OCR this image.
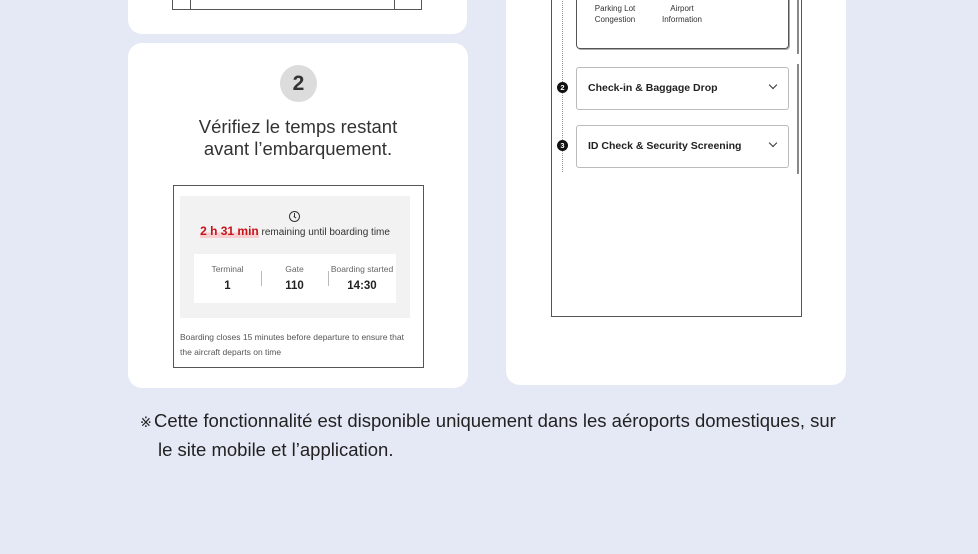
2
Vérifiez le temps restant
avant l’embarquement.
2 h 31 min remaining until boarding time
Terminal
1
Gate
110
Boarding started
14:30
Boarding closes 15 minutes before departure to ensure that the aircraft departs on time
Parking Lot
Congestion
Airport
Information
2	Check-in & Baggage Drop
3	ID Check & Security Screening
※ Cette fonctionnalité est disponible uniquement dans les aéroports domestiques, sur le site mobile et l’application.
